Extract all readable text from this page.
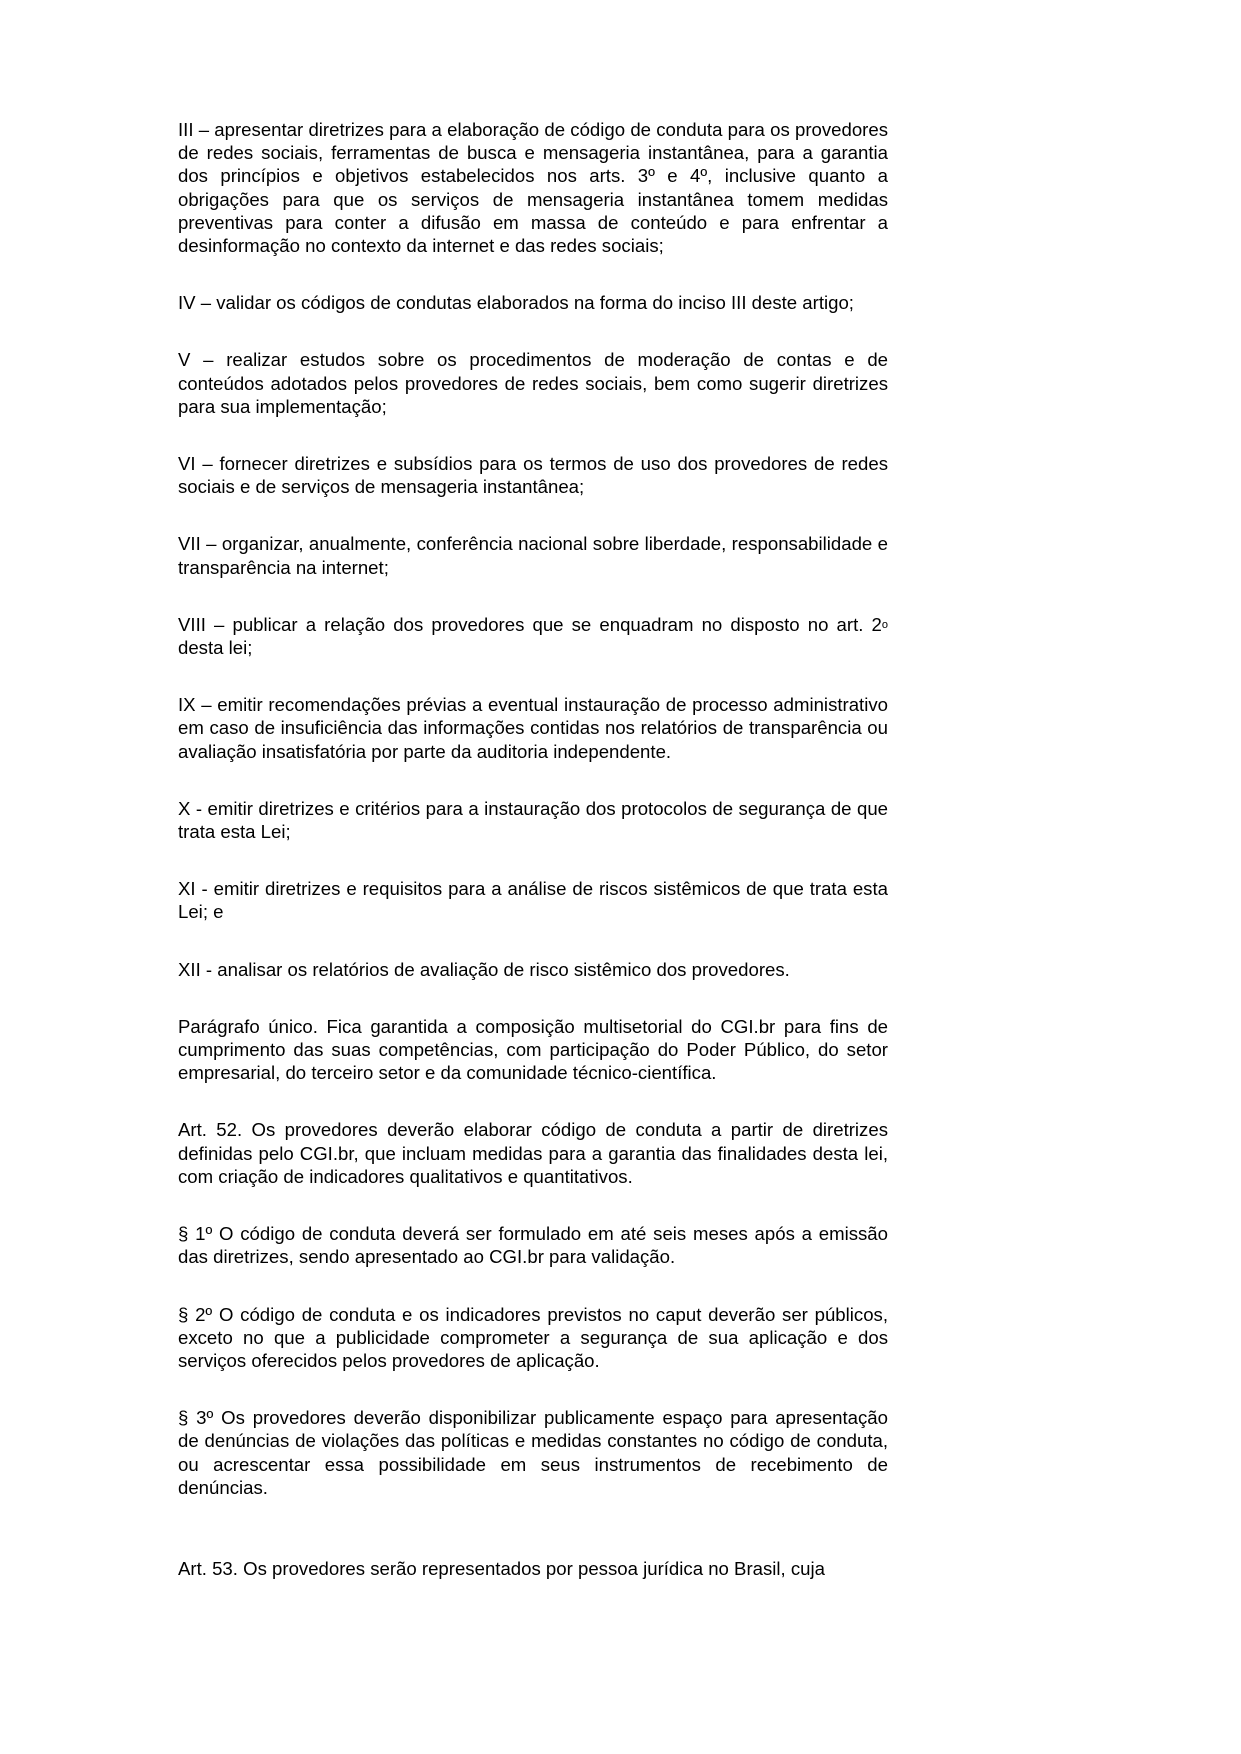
III – apresentar diretrizes para a elaboração de código de conduta para os provedores de redes sociais, ferramentas de busca e mensageria instantânea, para a garantia dos princípios e objetivos estabelecidos nos arts. 3º e 4º, inclusive quanto a obrigações para que os serviços de mensageria instantânea tomem medidas preventivas para conter a difusão em massa de conteúdo e para enfrentar a desinformação no contexto da internet e das redes sociais;

IV – validar os códigos de condutas elaborados na forma do inciso III deste artigo;

V – realizar estudos sobre os procedimentos de moderação de contas e de conteúdos adotados pelos provedores de redes sociais, bem como sugerir diretrizes para sua implementação;

VI – fornecer diretrizes e subsídios para os termos de uso dos provedores de redes sociais e de serviços de mensageria instantânea;

VII – organizar, anualmente, conferência nacional sobre liberdade, responsabilidade e transparência na internet;

VIII – publicar a relação dos provedores que se enquadram no disposto no art. 2$^o$ desta lei;

IX – emitir recomendações prévias a eventual instauração de processo administrativo em caso de insuficiência das informações contidas nos relatórios de transparência ou avaliação insatisfatória por parte da auditoria independente.

X - emitir diretrizes e critérios para a instauração dos protocolos de segurança de que trata esta Lei;

XI - emitir diretrizes e requisitos para a análise de riscos sistêmicos de que trata esta Lei; e

XII - analisar os relatórios de avaliação de risco sistêmico dos provedores.

Parágrafo único. Fica garantida a composição multisetorial do CGI.br para fins de cumprimento das suas competências, com participação do Poder Público, do setor empresarial, do terceiro setor e da comunidade técnico-científica.

Art. 52. Os provedores deverão elaborar código de conduta a partir de diretrizes definidas pelo CGI.br, que incluam medidas para a garantia das finalidades desta lei, com criação de indicadores qualitativos e quantitativos.

§ 1º O código de conduta deverá ser formulado em até seis meses após a emissão das diretrizes, sendo apresentado ao CGI.br para validação.

§ 2º O código de conduta e os indicadores previstos no caput deverão ser públicos, exceto no que a publicidade comprometer a segurança de sua aplicação e dos serviços oferecidos pelos provedores de aplicação.

§ 3º Os provedores deverão disponibilizar publicamente espaço para apresentação de denúncias de violações das políticas e medidas constantes no código de conduta, ou acrescentar essa possibilidade em seus instrumentos de recebimento de denúncias.

Art. 53. Os provedores serão representados por pessoa jurídica no Brasil, cuja
